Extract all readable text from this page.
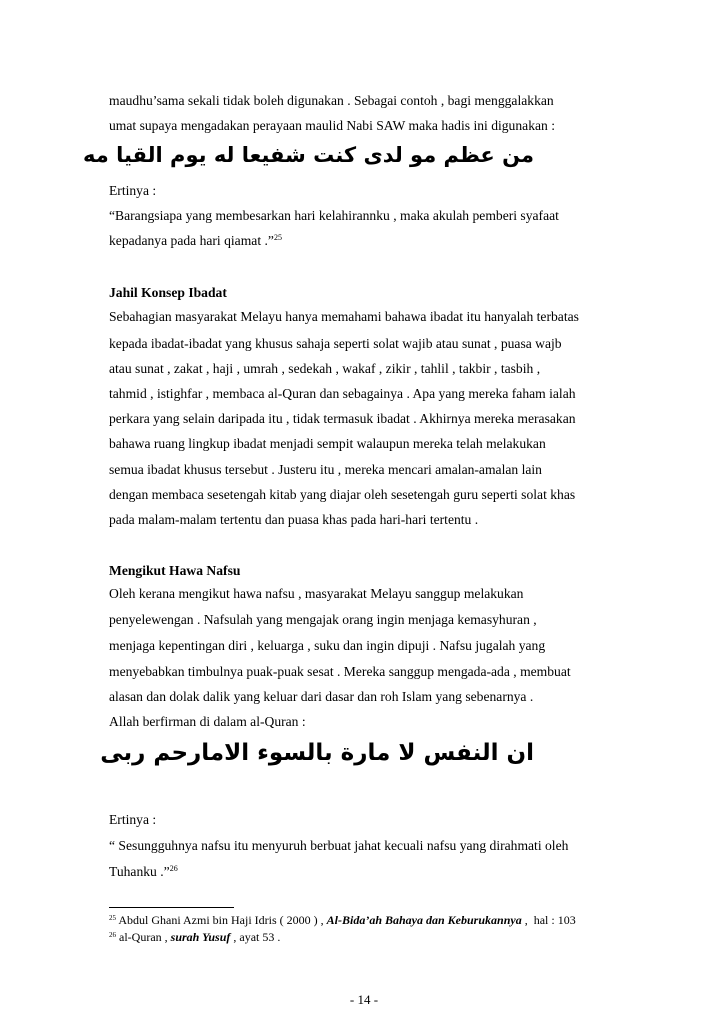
maudhu’sama sekali tidak boleh digunakan . Sebagai contoh , bagi menggalakkan
umat supaya mengadakan perayaan maulid Nabi SAW maka hadis ini digunakan :
من عظم مو لدى كنت شفيعا له يوم القيا مه
Ertinya :
“Barangsiapa yang membesarkan hari kelahirannku , maka akulah pemberi syafaat
kepadanya pada hari qiamat .”$^{25}$
Jahil Konsep Ibadat
Sebahagian masyarakat Melayu hanya memahami bahawa ibadat itu hanyalah terbatas
kepada ibadat-ibadat yang khusus sahaja seperti solat wajib atau sunat , puasa wajb
atau sunat , zakat , haji , umrah , sedekah , wakaf , zikir , tahlil , takbir , tasbih ,
tahmid , istighfar , membaca al-Quran dan sebagainya . Apa yang mereka faham ialah
perkara yang selain daripada itu , tidak termasuk ibadat . Akhirnya mereka merasakan
bahawa ruang lingkup ibadat menjadi sempit walaupun mereka telah melakukan
semua ibadat khusus tersebut . Justeru itu , mereka mencari amalan-amalan lain
dengan membaca sesetengah kitab yang diajar oleh sesetengah guru seperti solat khas
pada malam-malam tertentu dan puasa khas pada hari-hari tertentu .
Mengikut Hawa Nafsu
Oleh kerana mengikut hawa nafsu , masyarakat Melayu sanggup melakukan
penyelewengan . Nafsulah yang mengajak orang ingin menjaga kemasyhuran ,
menjaga kepentingan diri , keluarga , suku dan ingin dipuji . Nafsu jugalah yang
menyebabkan timbulnya puak-puak sesat . Mereka sanggup mengada-ada , membuat
alasan dan dolak dalik yang keluar dari dasar dan roh Islam yang sebenarnya .
Allah berfirman di dalam al-Quran :
ان النفس لا مارة بالسوء الامارحم ربى
Ertinya :
“ Sesungguhnya nafsu itu menyuruh berbuat jahat kecuali nafsu yang dirahmati oleh
Tuhanku .”$^{26}$
$^{25}$ Abdul Ghani Azmi bin Haji Idris ( 2000 ) , Al-Bida’ah Bahaya dan Keburukannya ,  hal : 103
$^{26}$ al-Quran , surah Yusuf , ayat 53 .
- 14 -
